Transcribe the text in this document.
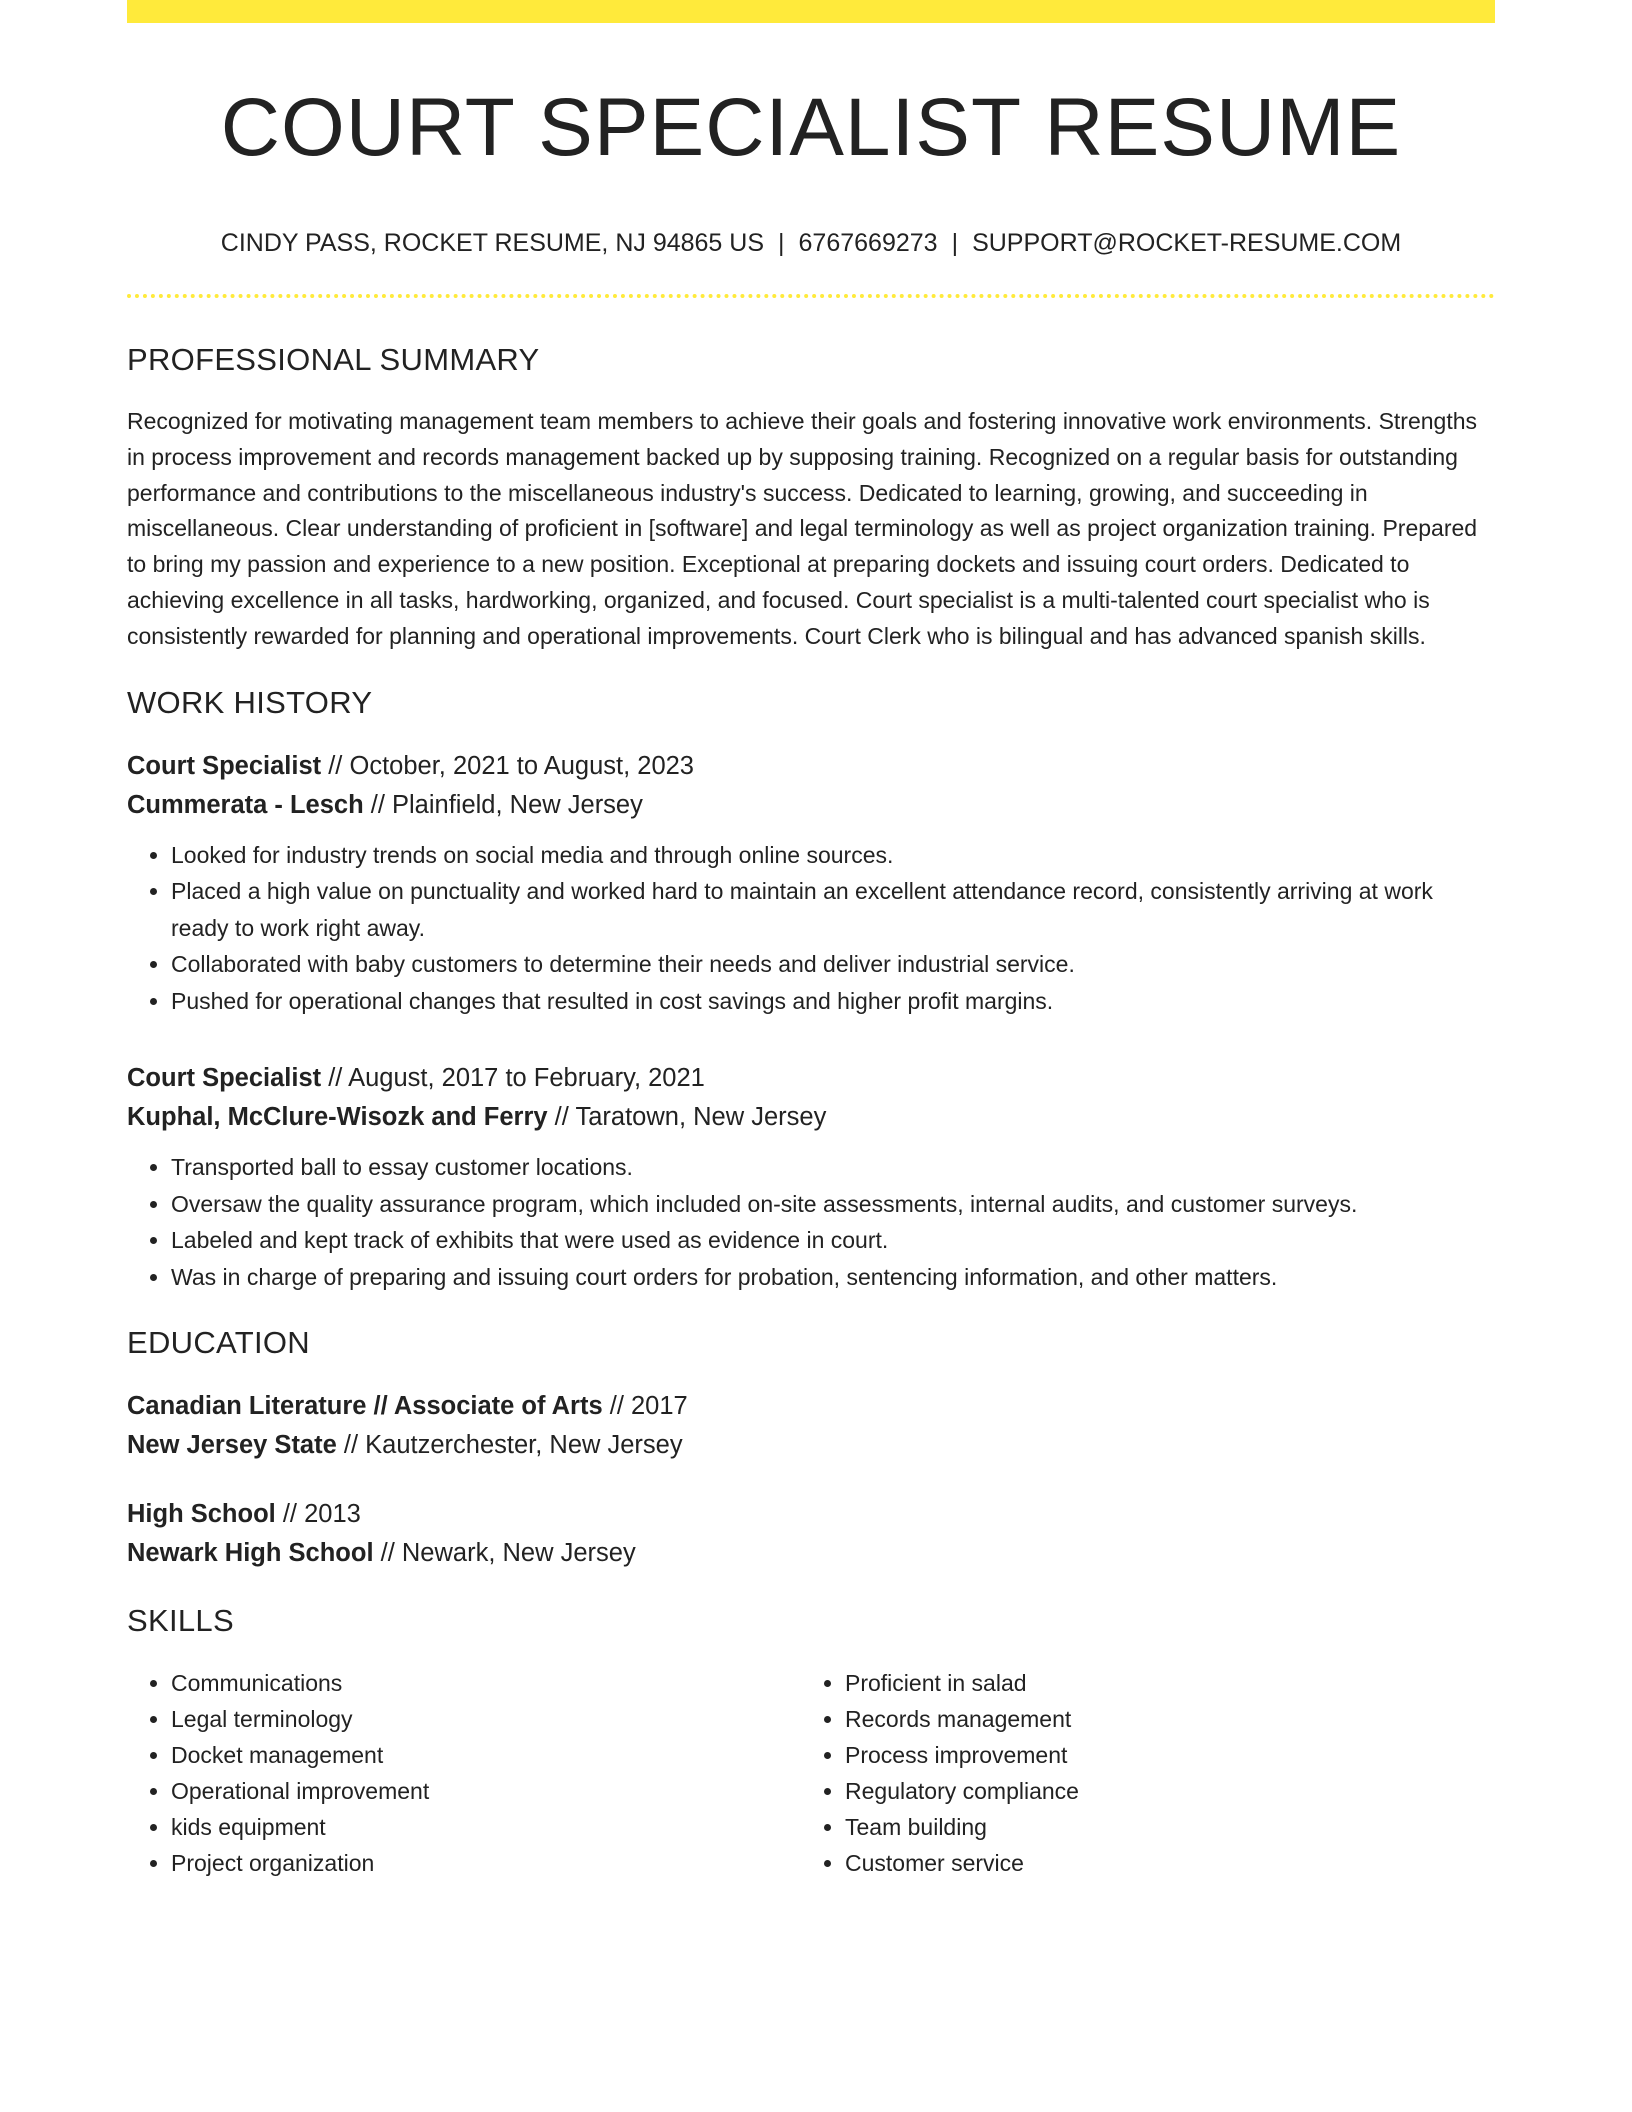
COURT SPECIALIST RESUME
CINDY PASS, ROCKET RESUME, NJ 94865 US | 6767669273 | SUPPORT@ROCKET-RESUME.COM
PROFESSIONAL SUMMARY
Recognized for motivating management team members to achieve their goals and fostering innovative work environments. Strengths in process improvement and records management backed up by supposing training. Recognized on a regular basis for outstanding performance and contributions to the miscellaneous industry's success. Dedicated to learning, growing, and succeeding in miscellaneous. Clear understanding of proficient in [software] and legal terminology as well as project organization training. Prepared to bring my passion and experience to a new position. Exceptional at preparing dockets and issuing court orders. Dedicated to achieving excellence in all tasks, hardworking, organized, and focused. Court specialist is a multi-talented court specialist who is consistently rewarded for planning and operational improvements. Court Clerk who is bilingual and has advanced spanish skills.
WORK HISTORY
Court Specialist // October, 2021 to August, 2023
Cummerata - Lesch // Plainfield, New Jersey
• Looked for industry trends on social media and through online sources.
• Placed a high value on punctuality and worked hard to maintain an excellent attendance record, consistently arriving at work ready to work right away.
• Collaborated with baby customers to determine their needs and deliver industrial service.
• Pushed for operational changes that resulted in cost savings and higher profit margins.
Court Specialist // August, 2017 to February, 2021
Kuphal, McClure-Wisozk and Ferry // Taratown, New Jersey
• Transported ball to essay customer locations.
• Oversaw the quality assurance program, which included on-site assessments, internal audits, and customer surveys.
• Labeled and kept track of exhibits that were used as evidence in court.
• Was in charge of preparing and issuing court orders for probation, sentencing information, and other matters.
EDUCATION
Canadian Literature // Associate of Arts // 2017
New Jersey State // Kautzerchester, New Jersey
High School // 2013
Newark High School // Newark, New Jersey
SKILLS
• Communications
• Legal terminology
• Docket management
• Operational improvement
• kids equipment
• Project organization
• Proficient in salad
• Records management
• Process improvement
• Regulatory compliance
• Team building
• Customer service
